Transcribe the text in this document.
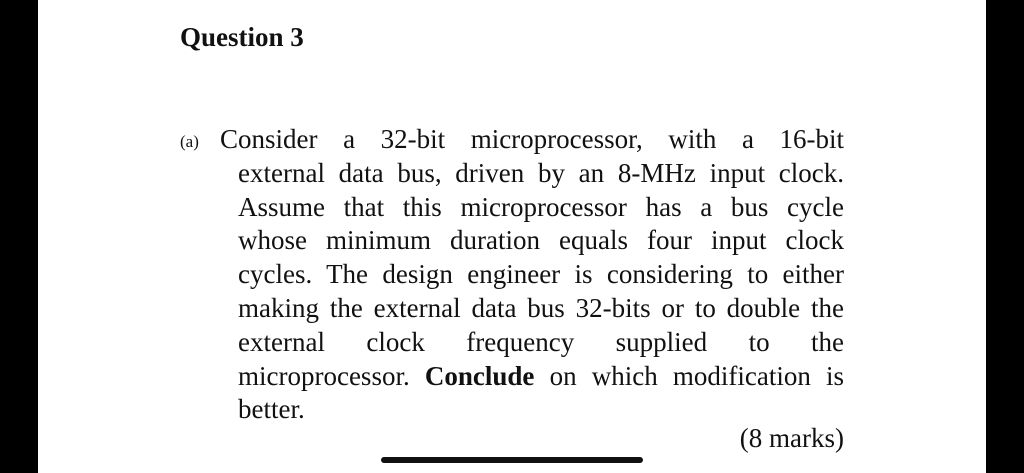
Question 3
(a) Consider a 32-bit microprocessor, with a 16-bit
external data bus, driven by an 8-MHz input clock.
Assume that this microprocessor has a bus cycle
whose minimum duration equals four input clock
cycles. The design engineer is considering to either
making the external data bus 32-bits or to double the
external clock frequency supplied to the
microprocessor. Conclude on which modification is
better.
(8 marks)
